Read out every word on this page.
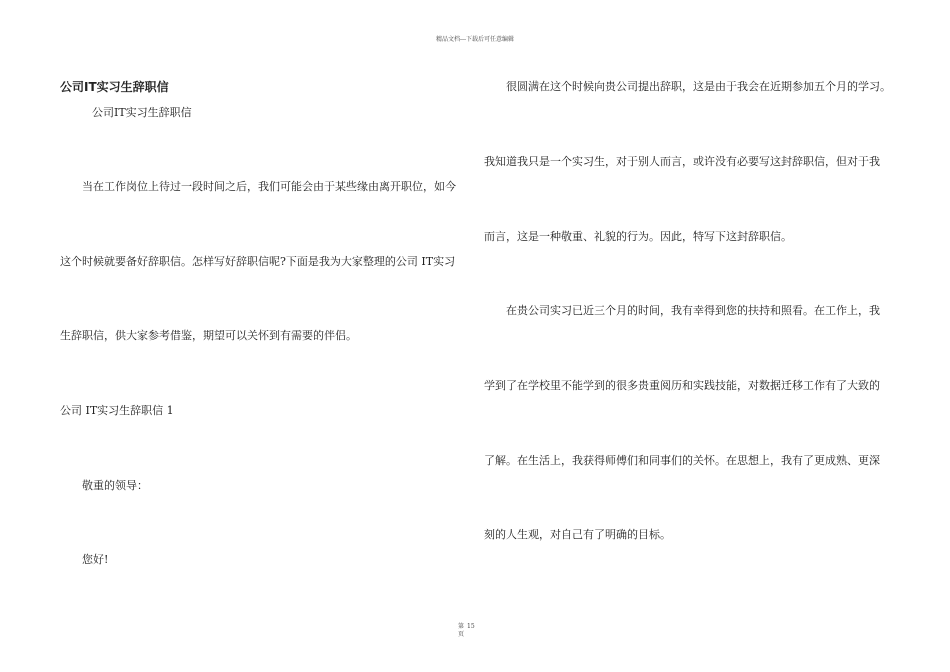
精品文档---下载后可任意编辑
公司IT实习生辞职信
公司IT实习生辞职信
当在工作岗位上待过一段时间之后，我们可能会由于某些缘由离开职位，如今
这个时候就要备好辞职信。怎样写好辞职信呢?下面是我为大家整理的公司 IT实习
生辞职信，供大家参考借鉴，期望可以关怀到有需要的伴侣。
公司 IT实习生辞职信 1
敬重的领导：
您好!
很圆满在这个时候向贵公司提出辞职，这是由于我会在近期参加五个月的学习。
我知道我只是一个实习生，对于别人而言，或许没有必要写这封辞职信，但对于我
而言，这是一种敬重、礼貌的行为。因此，特写下这封辞职信。
在贵公司实习已近三个月的时间，我有幸得到您的扶持和照看。在工作上，我
学到了在学校里不能学到的很多贵重阅历和实践技能，对数据迁移工作有了大致的
了解。在生活上，我获得师傅们和同事们的关怀。在思想上，我有了更成熟、更深
刻的人生观，对自己有了明确的目标。
第 15
页
